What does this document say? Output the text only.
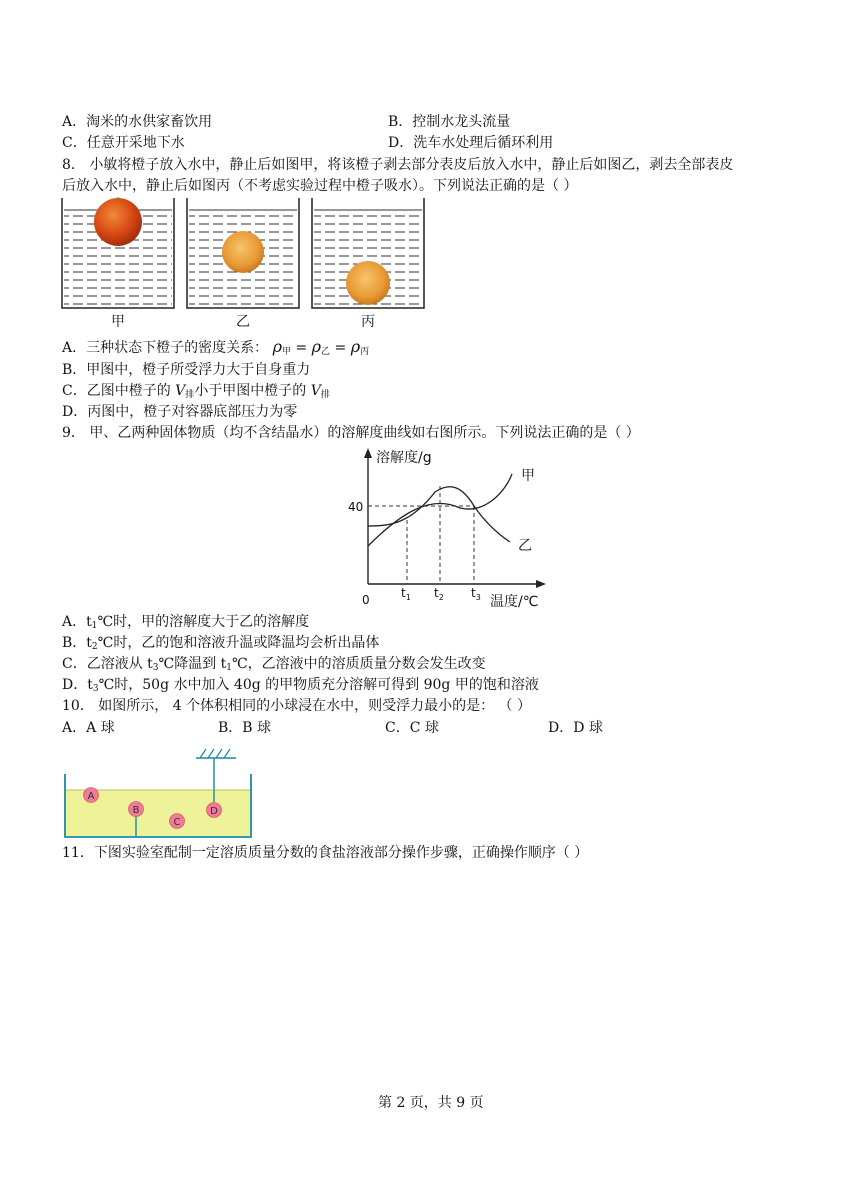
A．淘米的水供家畜饮用	B．控制水龙头流量
C．任意开采地下水	D．洗车水处理后循环利用
8． 小敏将橙子放入水中，静止后如图甲，将该橙子剥去部分表皮后放入水中，静止后如图乙，剥去全部表皮
后放入水中，静止后如图丙（不考虑实验过程中橙子吸水）。下列说法正确的是（ ）
甲	乙	丙
A．三种状态下橙子的密度关系： $\rho_甲 = \rho_乙 = \rho_丙$
B．甲图中，橙子所受浮力大于自身重力
C．乙图中橙子的 $V_排$小于甲图中橙子的 $V_排$
D．丙图中，橙子对容器底部压力为零
9． 甲、乙两种固体物质（均不含结晶水）的溶解度曲线如右图所示。下列说法正确的是（ ）
溶解度/g
40
0	$t_1$ $t_2$ $t_3$ 温度/℃
甲
乙
A．$t_1℃$时，甲的溶解度大于乙的溶解度
B．$t_2℃$时，乙的饱和溶液升温或降温均会析出晶体
C．乙溶液从 $t_3℃$降温到 $t_1℃$，乙溶液中的溶质质量分数会发生改变
D．$t_3℃$时，50g 水中加入 40g 的甲物质充分溶解可得到 90g 甲的饱和溶液
10． 如图所示， 4 个体积相同的小球浸在水中，则受浮力最小的是： （ ）
A．A 球	B．B 球	C．C 球	D．D 球
A
B
C
D
11．下图实验室配制一定溶质质量分数的食盐溶液部分操作步骤，正确操作顺序（ ）
第 2 页，共 9 页
